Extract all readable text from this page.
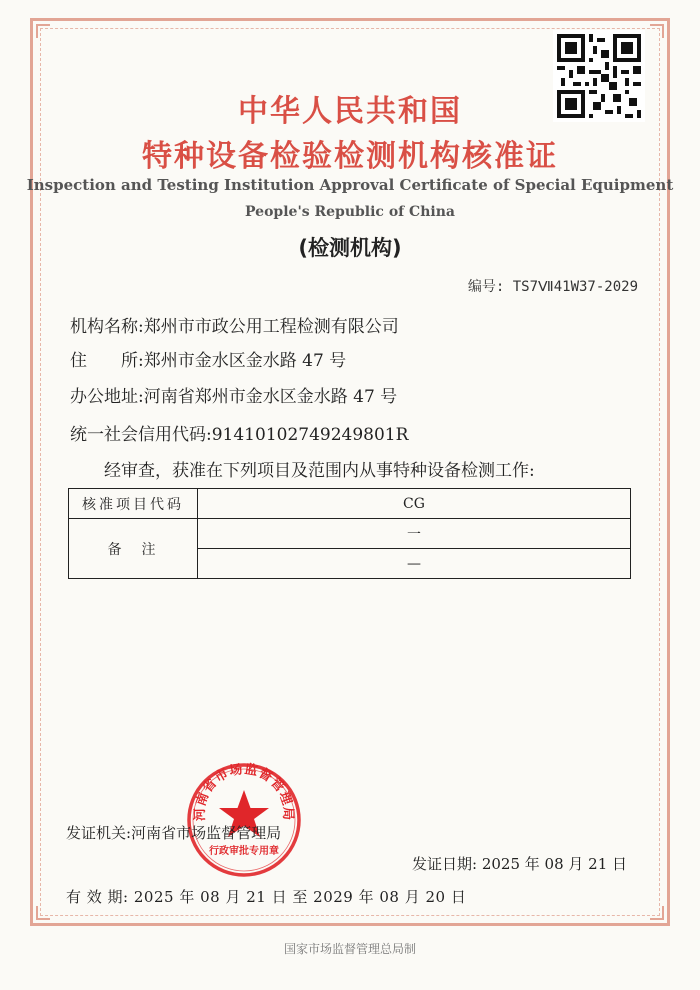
中华人民共和国
特种设备检验检测机构核准证
Inspection and Testing Institution Approval Certificate of Special Equipment
People's Republic of China
(检测机构)
编号: TS7Ⅶ41W37-2029
机构名称:郑州市市政公用工程检测有限公司
住　　所:郑州市金水区金水路 47 号
办公地址:河南省郑州市金水区金水路 47 号
统一社会信用代码:91410102749249801R
经审查，获准在下列项目及范围内从事特种设备检测工作:
核准项目代码	CG
备　注	一
	—
河南省市场监督管理局
行政审批专用章
发证机关:河南省市场监督管理局
发证日期: 2025 年 08 月 21 日
有 效 期: 2025 年 08 月 21 日 至 2029 年 08 月 20 日
国家市场监督管理总局制
